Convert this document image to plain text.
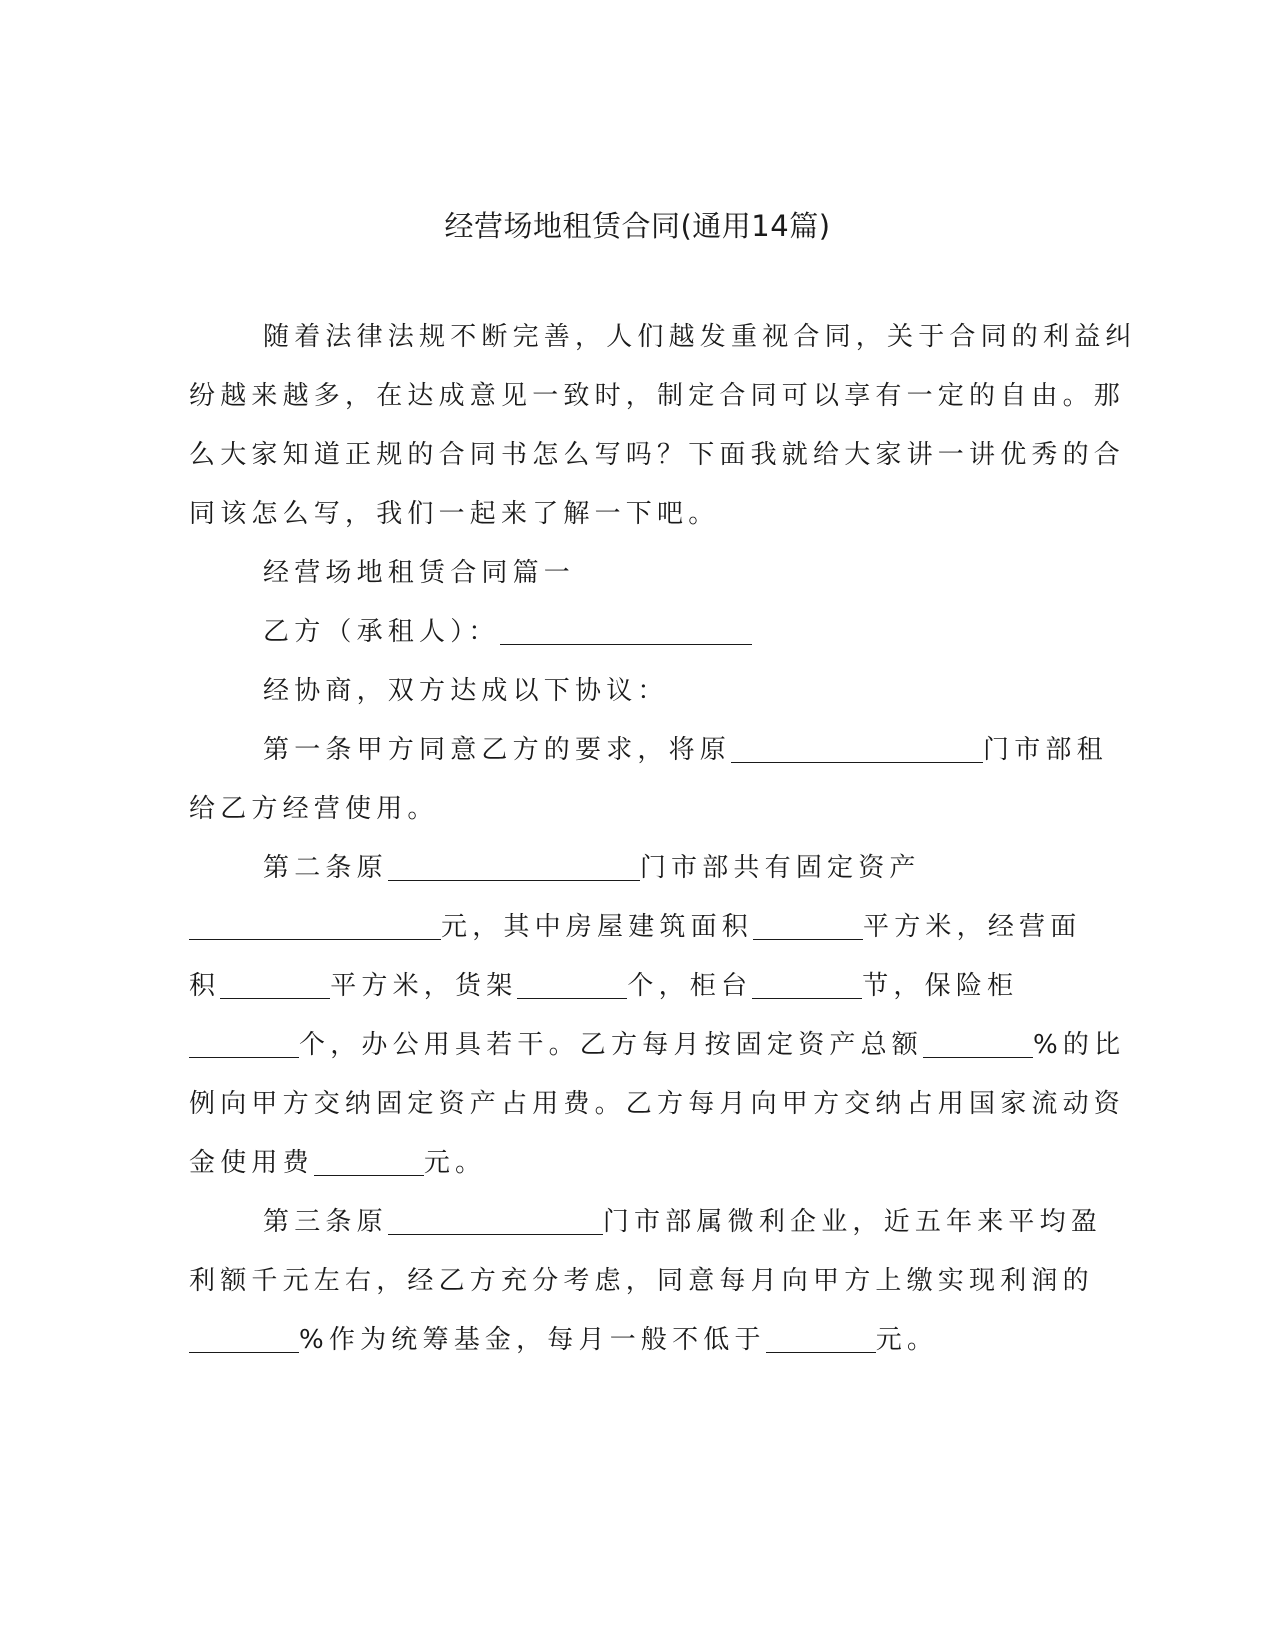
经营场地租赁合同(通用14篇)
随着法律法规不断完善，人们越发重视合同，关于合同的利益纠
纷越来越多，在达成意见一致时，制定合同可以享有一定的自由。那
么大家知道正规的合同书怎么写吗？下面我就给大家讲一讲优秀的合
同该怎么写，我们一起来了解一下吧。
经营场地租赁合同篇一
乙方（承租人）：
经协商，双方达成以下协议：
第一条甲方同意乙方的要求，将原	门市部租
给乙方经营使用。
第二条原	门市部共有固定资产
元，其中房屋建筑面积	平方米，经营面
积	平方米，货架	个，柜台	节，保险柜
个，办公用具若干。乙方每月按固定资产总额	%的比
例向甲方交纳固定资产占用费。乙方每月向甲方交纳占用国家流动资
金使用费	元。
第三条原	门市部属微利企业，近五年来平均盈
利额千元左右，经乙方充分考虑，同意每月向甲方上缴实现利润的
%作为统筹基金，每月一般不低于	元。
